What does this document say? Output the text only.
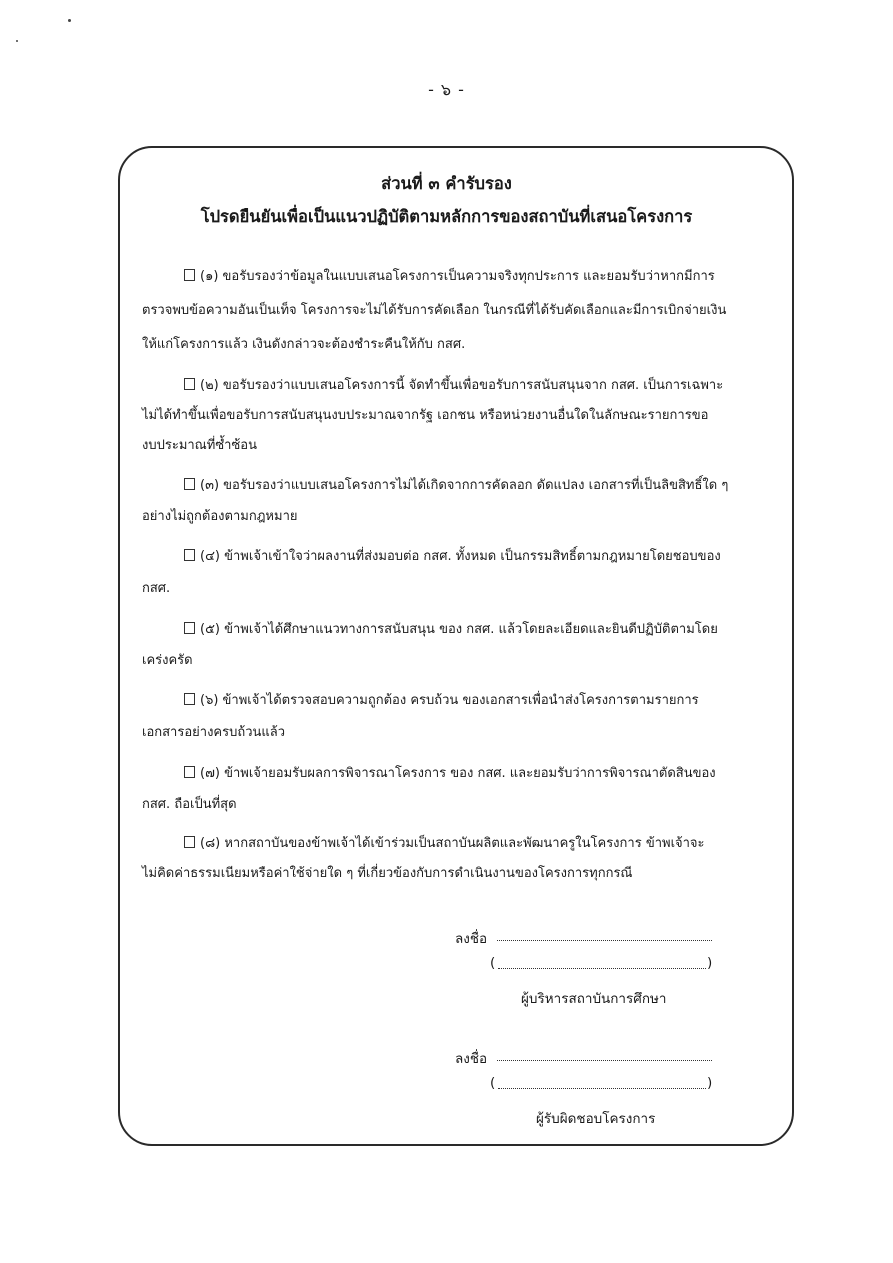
- ๖ -
ส่วนที่ ๓ คำรับรอง
โปรดยืนยันเพื่อเป็นแนวปฏิบัติตามหลักการของสถาบันที่เสนอโครงการ
(๑) ขอรับรองว่าข้อมูลในแบบเสนอโครงการเป็นความจริงทุกประการ และยอมรับว่าหากมีการ
ตรวจพบข้อความอันเป็นเท็จ โครงการจะไม่ได้รับการคัดเลือก ในกรณีที่ได้รับคัดเลือกและมีการเบิกจ่ายเงิน
ให้แก่โครงการแล้ว เงินดังกล่าวจะต้องชำระคืนให้กับ กสศ.
(๒) ขอรับรองว่าแบบเสนอโครงการนี้ จัดทำขึ้นเพื่อขอรับการสนับสนุนจาก กสศ. เป็นการเฉพาะ
ไม่ได้ทำขึ้นเพื่อขอรับการสนับสนุนงบประมาณจากรัฐ เอกชน หรือหน่วยงานอื่นใดในลักษณะรายการขอ
งบประมาณที่ซ้ำซ้อน
(๓) ขอรับรองว่าแบบเสนอโครงการไม่ได้เกิดจากการคัดลอก ดัดแปลง เอกสารที่เป็นลิขสิทธิ์ใด ๆ
อย่างไม่ถูกต้องตามกฎหมาย
(๔) ข้าพเจ้าเข้าใจว่าผลงานที่ส่งมอบต่อ กสศ. ทั้งหมด เป็นกรรมสิทธิ์ตามกฎหมายโดยชอบของ
กสศ.
(๕) ข้าพเจ้าได้ศึกษาแนวทางการสนับสนุน ของ กสศ. แล้วโดยละเอียดและยินดีปฏิบัติตามโดย
เคร่งครัด
(๖) ข้าพเจ้าได้ตรวจสอบความถูกต้อง ครบถ้วน ของเอกสารเพื่อนำส่งโครงการตามรายการ
เอกสารอย่างครบถ้วนแล้ว
(๗) ข้าพเจ้ายอมรับผลการพิจารณาโครงการ ของ กสศ. และยอมรับว่าการพิจารณาตัดสินของ
กสศ. ถือเป็นที่สุด
(๘) หากสถาบันของข้าพเจ้าได้เข้าร่วมเป็นสถาบันผลิตและพัฒนาครูในโครงการ ข้าพเจ้าจะ
ไม่คิดค่าธรรมเนียมหรือค่าใช้จ่ายใด ๆ ที่เกี่ยวข้องกับการดำเนินงานของโครงการทุกกรณี
ลงชื่อ
(	)
ผู้บริหารสถาบันการศึกษา
ลงชื่อ
(	)
ผู้รับผิดชอบโครงการ
